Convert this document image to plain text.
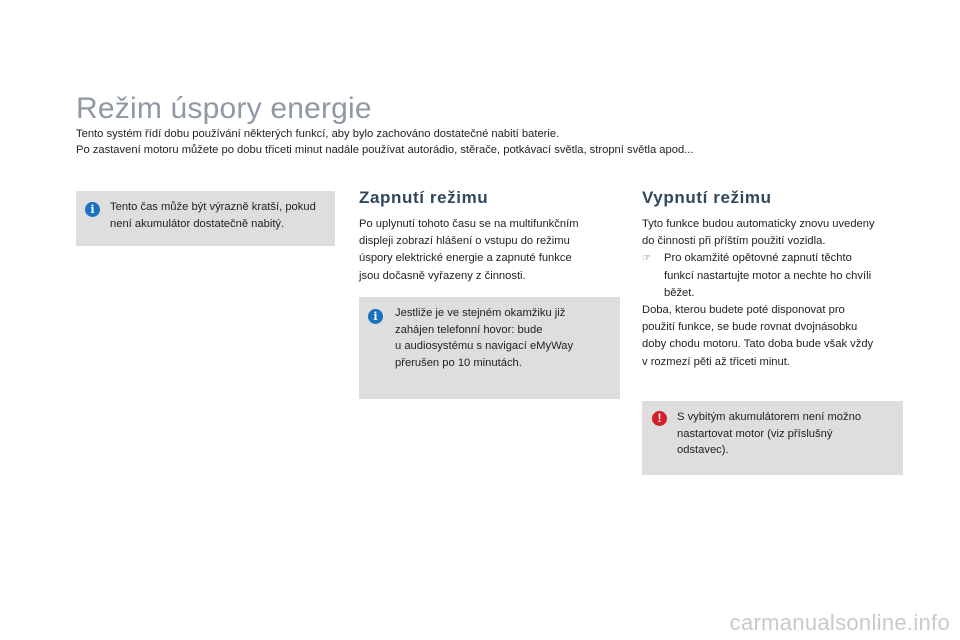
Režim úspory energie

Tento systém řídí dobu používání některých funkcí, aby bylo zachováno dostatečné nabití baterie.

Po zastavení motoru můžete po dobu třiceti minut nadále používat autorádio, stěrače, potkávací světla, stropní světla apod...

i	Tento čas může být výrazně kratší, pokud
není akumulátor dostatečně nabitý.
Zapnutí režimu

Po uplynutí tohoto času se na multifunkčním

displeji zobrazí hlášení o vstupu do režimu

úspory elektrické energie a zapnuté funkce

jsou dočasně vyřazeny z činnosti.

i	Jestliže je ve stejném okamžiku již
zahájen telefonní hovor: bude
u audiosystému s navigací eMyWay
přerušen po 10 minutách.
Vypnutí režimu

Tyto funkce budou automaticky znovu uvedeny

do činnosti při příštím použití vozidla.

☞ Pro okamžité opětovné zapnutí těchto

funkcí nastartujte motor a nechte ho chvíli

běžet.

Doba, kterou budete poté disponovat pro

použití funkce, se bude rovnat dvojnásobku

doby chodu motoru. Tato doba bude však vždy

v rozmezí pěti až třiceti minut.

!	S vybitým akumulátorem není možno
nastartovat motor (viz příslušný
odstavec).
carmanualsonline.info
